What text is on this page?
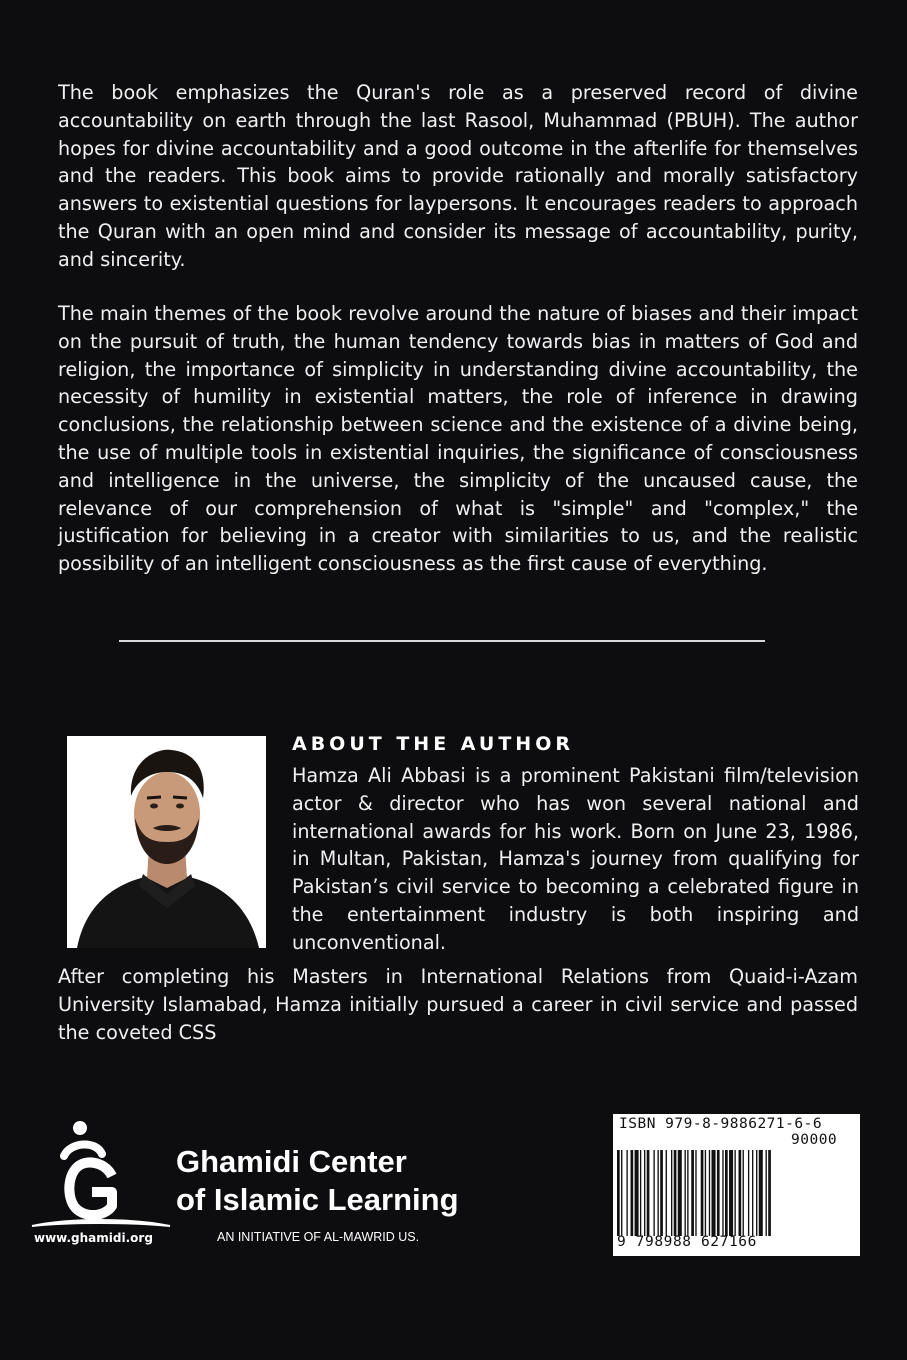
The book emphasizes the Quran's role as a preserved record of divine accountability on earth through the last Rasool, Muhammad (PBUH). The author hopes for divine accountability and a good outcome in the afterlife for themselves and the readers. This book aims to provide rationally and morally satisfactory answers to existential questions for laypersons. It encourages readers to approach the Quran with an open mind and consider its message of accountability, purity, and sincerity.

The main themes of the book revolve around the nature of biases and their impact on the pursuit of truth, the human tendency towards bias in matters of God and religion, the importance of simplicity in understanding divine accountability, the necessity of humility in existential matters, the role of inference in drawing conclusions, the relationship between science and the existence of a divine being, the use of multiple tools in existential inquiries, the significance of consciousness and intelligence in the universe, the simplicity of the uncaused cause, the relevance of our comprehension of what is "simple" and "complex," the justification for believing in a creator with similarities to us, and the realistic possibility of an intelligent consciousness as the first cause of everything.

ABOUT THE AUTHOR

Hamza Ali Abbasi is a prominent Pakistani film/television actor & director who has won several national and international awards for his work. Born on June 23, 1986, in Multan, Pakistan, Hamza's journey from qualifying for Pakistan’s civil service to becoming a celebrated figure in the entertainment industry is both inspiring and unconventional.

After completing his Masters in International Relations from Quaid-i-Azam University Islamabad, Hamza initially pursued a career in civil service and passed the coveted CSS

www.ghamidi.org
Ghamidi Center
of Islamic Learning
AN INITIATIVE OF AL-MAWRID US.
ISBN 979-8-9886271-6-6
90000
9 798988 627166
